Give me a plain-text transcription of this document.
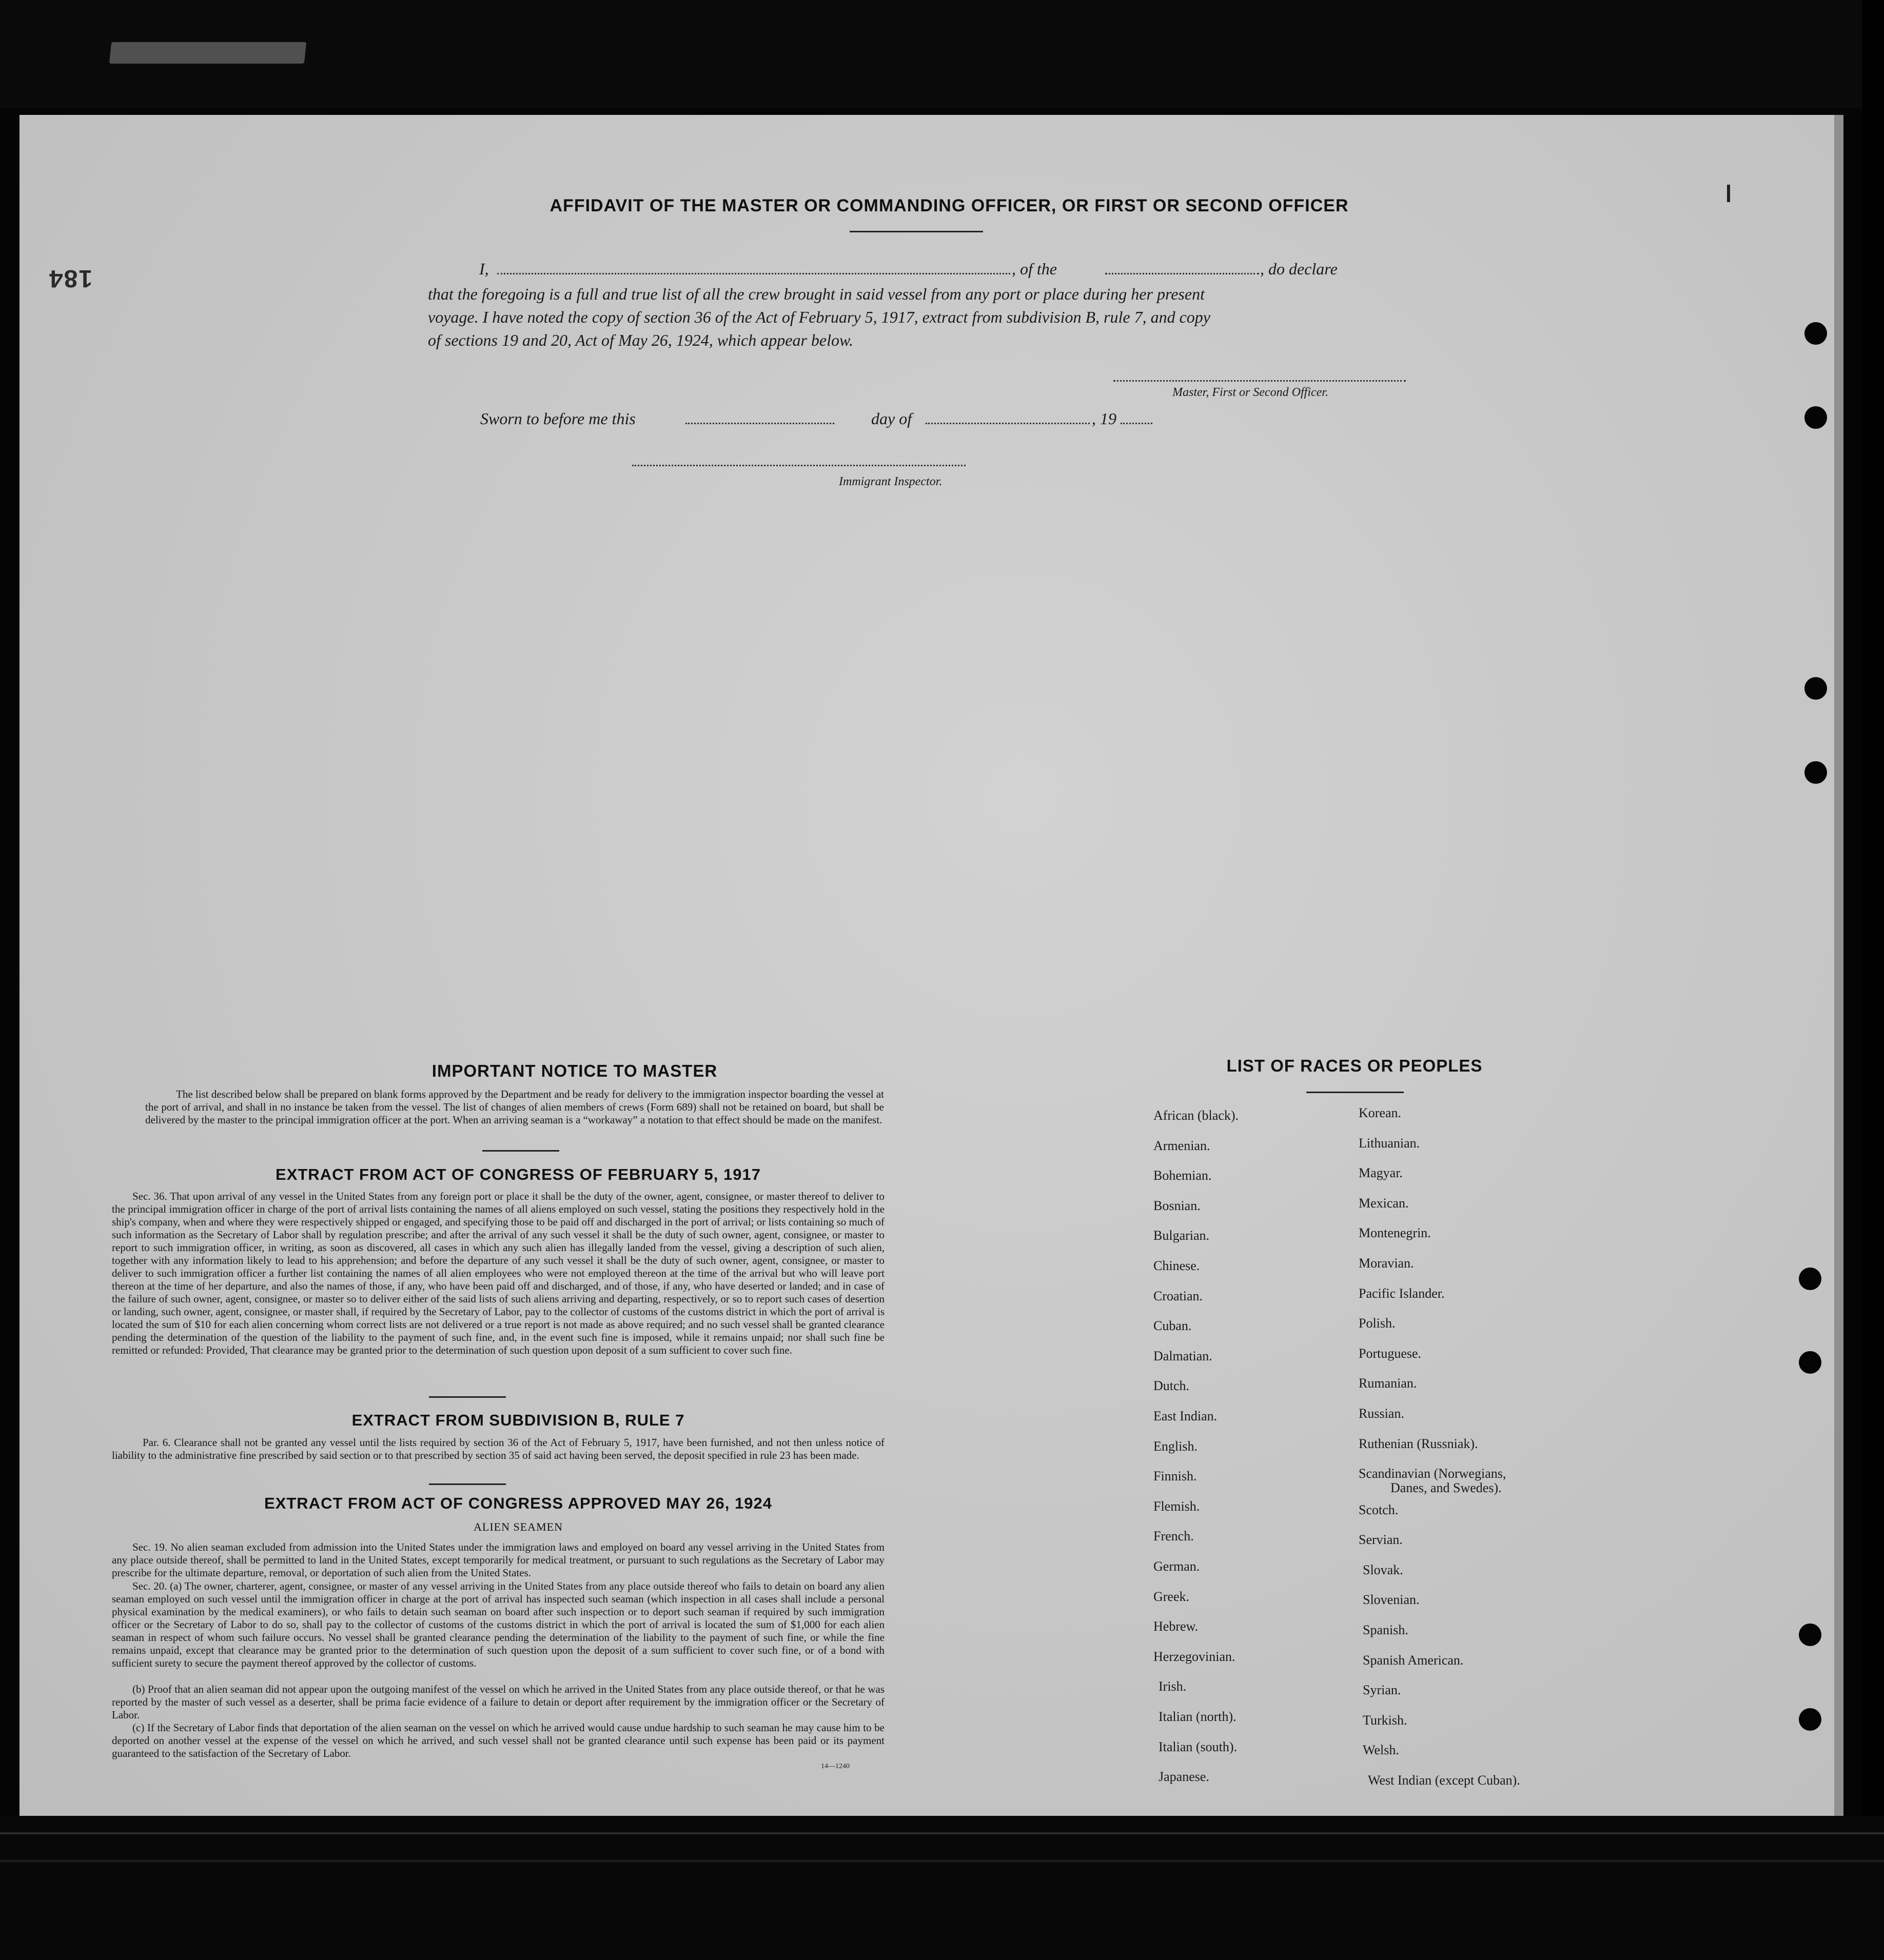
184
AFFIDAVIT OF THE MASTER OR COMMANDING OFFICER, OR FIRST OR SECOND OFFICER
I,	, of the	, do declare
that the foregoing is a full and true list of all the crew brought in said vessel from any port or place during her present
voyage. I have noted the copy of section 36 of the Act of February 5, 1917, extract from subdivision B, rule 7, and copy
of sections 19 and 20, Act of May 26, 1924, which appear below.
Master, First or Second Officer.
Sworn to before me this	day of	, 19
Immigrant Inspector.
IMPORTANT NOTICE TO MASTER
The list described below shall be prepared on blank forms approved by the Department and be ready for delivery to the immigration inspector boarding the vessel at the port of arrival, and shall in no instance be taken from the vessel. The list of changes of alien members of crews (Form 689) shall not be retained on board, but shall be delivered by the master to the principal immigration officer at the port. When an arriving seaman is a “workaway” a notation to that effect should be made on the manifest.
EXTRACT FROM ACT OF CONGRESS OF FEBRUARY 5, 1917
Sec. 36. That upon arrival of any vessel in the United States from any foreign port or place it shall be the duty of the owner, agent, consignee, or master thereof to deliver to the principal immigration officer in charge of the port of arrival lists containing the names of all aliens employed on such vessel, stating the positions they respectively hold in the ship's company, when and where they were respectively shipped or engaged, and specifying those to be paid off and discharged in the port of arrival; or lists containing so much of such information as the Secretary of Labor shall by regulation prescribe; and after the arrival of any such vessel it shall be the duty of such owner, agent, consignee, or master to report to such immigration officer, in writing, as soon as discovered, all cases in which any such alien has illegally landed from the vessel, giving a description of such alien, together with any information likely to lead to his apprehension; and before the departure of any such vessel it shall be the duty of such owner, agent, consignee, or master to deliver to such immigration officer a further list containing the names of all alien employees who were not employed thereon at the time of the arrival but who will leave port thereon at the time of her departure, and also the names of those, if any, who have been paid off and discharged, and of those, if any, who have deserted or landed; and in case of the failure of such owner, agent, consignee, or master so to deliver either of the said lists of such aliens arriving and departing, respectively, or so to report such cases of desertion or landing, such owner, agent, consignee, or master shall, if required by the Secretary of Labor, pay to the collector of customs of the customs district in which the port of arrival is located the sum of $10 for each alien concerning whom correct lists are not delivered or a true report is not made as above required; and no such vessel shall be granted clearance pending the determination of the question of the liability to the payment of such fine, and, in the event such fine is imposed, while it remains unpaid; nor shall such fine be remitted or refunded: Provided, That clearance may be granted prior to the determination of such question upon deposit of a sum sufficient to cover such fine.
EXTRACT FROM SUBDIVISION B, RULE 7
Par. 6. Clearance shall not be granted any vessel until the lists required by section 36 of the Act of February 5, 1917, have been furnished, and not then unless notice of liability to the administrative fine prescribed by said section or to that prescribed by section 35 of said act having been served, the deposit specified in rule 23 has been made.
EXTRACT FROM ACT OF CONGRESS APPROVED MAY 26, 1924
ALIEN SEAMEN
Sec. 19. No alien seaman excluded from admission into the United States under the immigration laws and employed on board any vessel arriving in the United States from any place outside thereof, shall be permitted to land in the United States, except temporarily for medical treatment, or pursuant to such regulations as the Secretary of Labor may prescribe for the ultimate departure, removal, or deportation of such alien from the United States.
Sec. 20. (a) The owner, charterer, agent, consignee, or master of any vessel arriving in the United States from any place outside thereof who fails to detain on board any alien seaman employed on such vessel until the immigration officer in charge at the port of arrival has inspected such seaman (which inspection in all cases shall include a personal physical examination by the medical examiners), or who fails to detain such seaman on board after such inspection or to deport such seaman if required by such immigration officer or the Secretary of Labor to do so, shall pay to the collector of customs of the customs district in which the port of arrival is located the sum of $1,000 for each alien seaman in respect of whom such failure occurs. No vessel shall be granted clearance pending the determination of the liability to the payment of such fine, or while the fine remains unpaid, except that clearance may be granted prior to the determination of such question upon the deposit of a sum sufficient to cover such fine, or of a bond with sufficient surety to secure the payment thereof approved by the collector of customs.
(b) Proof that an alien seaman did not appear upon the outgoing manifest of the vessel on which he arrived in the United States from any place outside thereof, or that he was reported by the master of such vessel as a deserter, shall be prima facie evidence of a failure to detain or deport after requirement by the immigration officer or the Secretary of Labor.
(c) If the Secretary of Labor finds that deportation of the alien seaman on the vessel on which he arrived would cause undue hardship to such seaman he may cause him to be deported on another vessel at the expense of the vessel on which he arrived, and such vessel shall not be granted clearance until such expense has been paid or its payment guaranteed to the satisfaction of the Secretary of Labor.
14—1240
LIST OF RACES OR PEOPLES
African (black).
Armenian.
Bohemian.
Bosnian.
Bulgarian.
Chinese.
Croatian.
Cuban.
Dalmatian.
Dutch.
East Indian.
English.
Finnish.
Flemish.
French.
German.
Greek.
Hebrew.
Herzegovinian.
Irish.
Italian (north).
Italian (south).
Japanese.
Korean.
Lithuanian.
Magyar.
Mexican.
Montenegrin.
Moravian.
Pacific Islander.
Polish.
Portuguese.
Rumanian.
Russian.
Ruthenian (Russniak).
Scandinavian (Norwegians,
Danes, and Swedes).
Scotch.
Servian.
Slovak.
Slovenian.
Spanish.
Spanish American.
Syrian.
Turkish.
Welsh.
West Indian (except Cuban).
